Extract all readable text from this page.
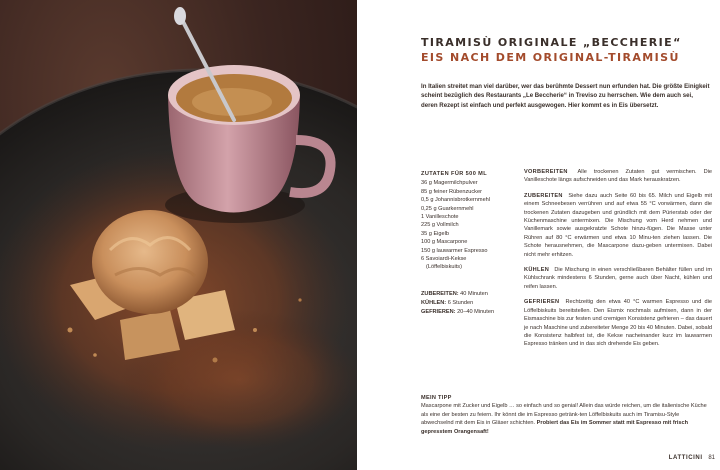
TIRAMISÙ ORIGINALE „BECCHERIE“
EIS NACH DEM ORIGINAL-TIRAMISÙ

In Italien streitet man viel darüber, wer das berühmte Dessert nun erfunden hat. Die größte Einigkeit scheint bezüglich des Restaurants „Le Beccherie“ in Treviso zu herrschen. Wie dem auch sei, deren Rezept ist einfach und perfekt ausgewogen. Hier kommt es in Eis übersetzt.

ZUTATEN FÜR 500 ML
36 g Magermilchpulver
85 g feiner Rübenzucker
0,5 g Johannisbrotkernmehl
0,25 g Guarkernmehl
1 Vanilleschote
225 g Vollmilch
35 g Eigelb
100 g Mascarpone
150 g lauwarmer Espresso
6 Savoiardi-Kekse
(Löffelbiskuits)
ZUBEREITEN: 40 Minuten
KÜHLEN: 6 Stunden
GEFRIEREN: 20–40 Minuten

VORBEREITEN Alle trockenen Zutaten gut vermischen. Die Vanilleschote längs aufschneiden und das Mark herauskratzen.

ZUBEREITEN Siehe dazu auch Seite 60 bis 65. Milch und Eigelb mit einem Schneebesen verrühren und auf etwa 55 °C vorwärmen, dann die trockenen Zutaten dazugeben und gründlich mit dem Pürierstab oder der Küchenmaschine untermixen. Die Mischung vom Herd nehmen und Vanillemark sowie ausgekratzte Schote hinzu-fügen. Die Masse unter Rühren auf 80 °C erwärmen und etwa 10 Minu-ten ziehen lassen. Die Schote herausnehmen, die Mascarpone dazu-geben untermixen. Dabei nicht mehr erhitzen.

KÜHLEN Die Mischung in einen verschließbaren Behälter füllen und im Kühlschrank mindestens 6 Stunden, gerne auch über Nacht, kühlen und reifen lassen.

GEFRIEREN Rechtzeitig den etwa 40 °C warmen Espresso und die Löffelbiskuits bereitstellen. Den Eismix nochmals aufmixen, dann in der Eismaschine bis zur festen und cremigen Konsistenz gefrieren – das dauert je nach Maschine und zubereiteter Menge 20 bis 40 Minuten. Dabei, sobald die Konsistenz halbfest ist, die Kekse nacheinander kurz im lauwarmen Espresso tränken und in das sich drehende Eis geben.

MEIN TIPP
Mascarpone mit Zucker und Eigelb … so einfach und so genial! Allein das würde reichen, um die italienische Küche als eine der besten zu feiern. Ihr könnt die im Espresso getränk-ten Löffelbiskuits auch im Tiramisu-Style abwechselnd mit dem Eis in Gläser schichten. Probiert das Eis im Sommer statt mit Espresso mit frisch gepresstem Orangensaft!
LATTICINI 81
